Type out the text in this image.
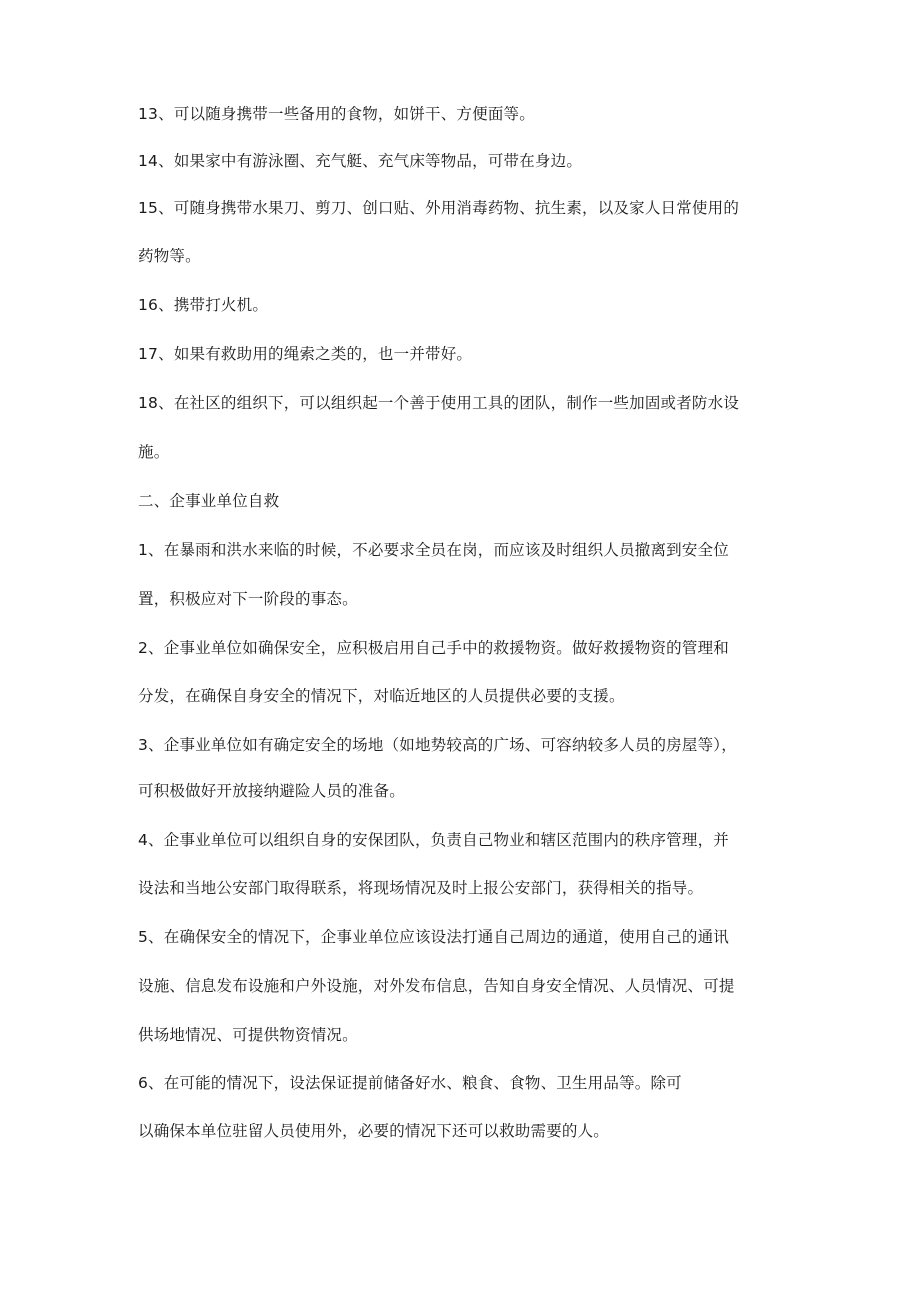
13、可以随身携带一些备用的食物，如饼干、方便面等。
14、如果家中有游泳圈、充气艇、充气床等物品，可带在身边。
15、可随身携带水果刀、剪刀、创口贴、外用消毒药物、抗生素，以及家人日常使用的
药物等。
16、携带打火机。
17、如果有救助用的绳索之类的，也一并带好。
18、在社区的组织下，可以组织起一个善于使用工具的团队，制作一些加固或者防水设
施。
二、企事业单位自救
1、在暴雨和洪水来临的时候，不必要求全员在岗，而应该及时组织人员撤离到安全位
置，积极应对下一阶段的事态。
2、企事业单位如确保安全，应积极启用自己手中的救援物资。做好救援物资的管理和
分发，在确保自身安全的情况下，对临近地区的人员提供必要的支援。
3、企事业单位如有确定安全的场地（如地势较高的广场、可容纳较多人员的房屋等），
可积极做好开放接纳避险人员的准备。
4、企事业单位可以组织自身的安保团队，负责自己物业和辖区范围内的秩序管理，并
设法和当地公安部门取得联系，将现场情况及时上报公安部门，获得相关的指导。
5、在确保安全的情况下，企事业单位应该设法打通自己周边的通道，使用自己的通讯
设施、信息发布设施和户外设施，对外发布信息，告知自身安全情况、人员情况、可提
供场地情况、可提供物资情况。
6、在可能的情况下，设法保证提前储备好水、粮食、食物、卫生用品等。除可
以确保本单位驻留人员使用外，必要的情况下还可以救助需要的人。
